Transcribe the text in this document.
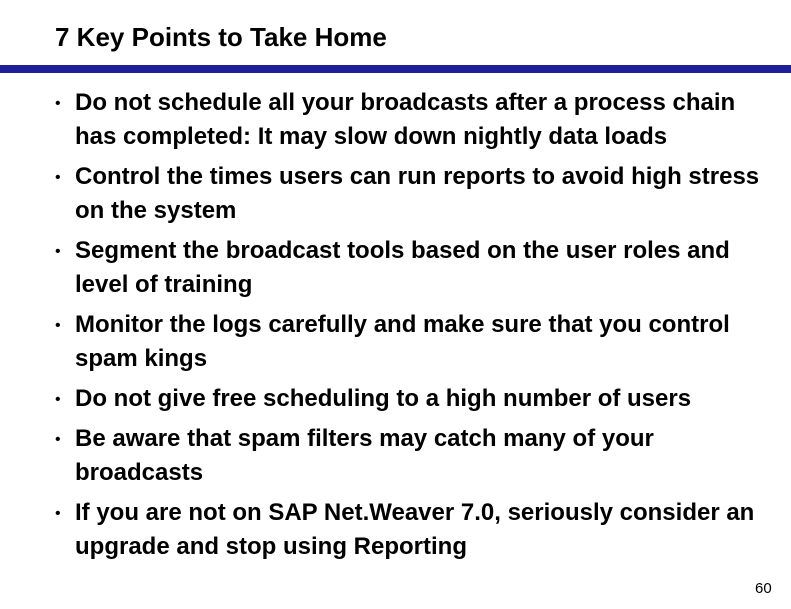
7 Key Points to Take Home
• Do not schedule all your broadcasts after a process chain has completed: It may slow down nightly data loads
• Control the times users can run reports to avoid high stress on the system
• Segment the broadcast tools based on the user roles and level of training
• Monitor the logs carefully and make sure that you control spam kings
• Do not give free scheduling to a high number of users
• Be aware that spam filters may catch many of your broadcasts
• If you are not on SAP Net.Weaver 7.0, seriously consider an upgrade and stop using Reporting
60
